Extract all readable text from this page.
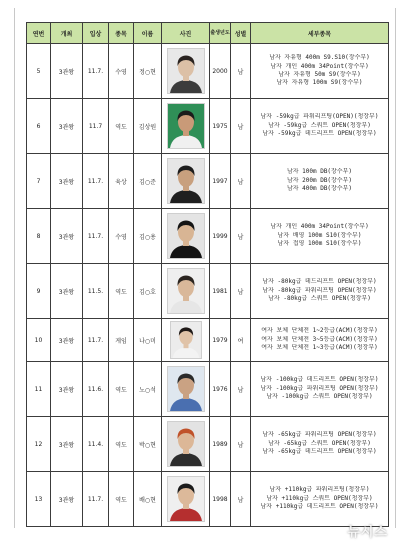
연번	개최	입상	종목	이름	사진	출생년도	성별	세부종목
5	3관왕	11.7.	수영	정○현		2000	남	남자 자유형 400m S9.S10(장수부)
남자 개인 400m 34Point(장수부)
남자 자유형 50m S9(장수부)
남자 자유형 100m S9(장수부)

6	3관왕	11.7	역도	김상원		1975	남	남자 -59kg급 파워리프팅(OPEN)(청장부)
남자 -59kg급 스쿼트 OPEN(청장부)
남자 -59kg급 데드리프트 OPEN(청장부)

7	3관왕	11.7.	육상	김○준		1997	남	남자 100m DB(장수부)
남자 200m DB(장수부)
남자 400m DB(장수부)

8	3관왕	11.7.	수영	김○용		1999	남	남자 개인 400m 34Point(장수부)
남자 배영 100m S10(장수부)
남자 접영 100m S10(장수부)

9	3관왕	11.5.	역도	김○호		1981	남	남자 -80kg급 데드리프트 OPEN(청장부)
남자 -80kg급 파워리프팅 OPEN(청장부)
남자 -80kg급 스쿼트 OPEN(청장부)

10	3관왕	11.7.	게임	나○미		1979	여	여자 보체 단체전 1~2등급(ACM)(청장부)
여자 보체 단체전 3~5등급(ACM)(청장부)
여자 보체 단체전 1~3등급(ACM)(청장부)

11	3관왕	11.6.	역도	노○석		1976	남	남자 -100kg급 데드리프트 OPEN(청장부)
남자 -100kg급 파워리프팅 OPEN(청장부)
남자 -100kg급 스쿼트 OPEN(청장부)

12	3관왕	11.4.	역도	박○현		1989	남	남자 -65kg급 파워리프팅 OPEN(청장부)
남자 -65kg급 스쿼트 OPEN(청장부)
남자 -65kg급 데드리프트 OPEN(청장부)

13	3관왕	11.7.	역도	배○현		1998	남	남자 +110kg급 파워리프팅(청장부)
남자 +110kg급 스쿼트 OPEN(청장부)
남자 +110kg급 데드리프트 OPEN(청장부)
뉴시스
